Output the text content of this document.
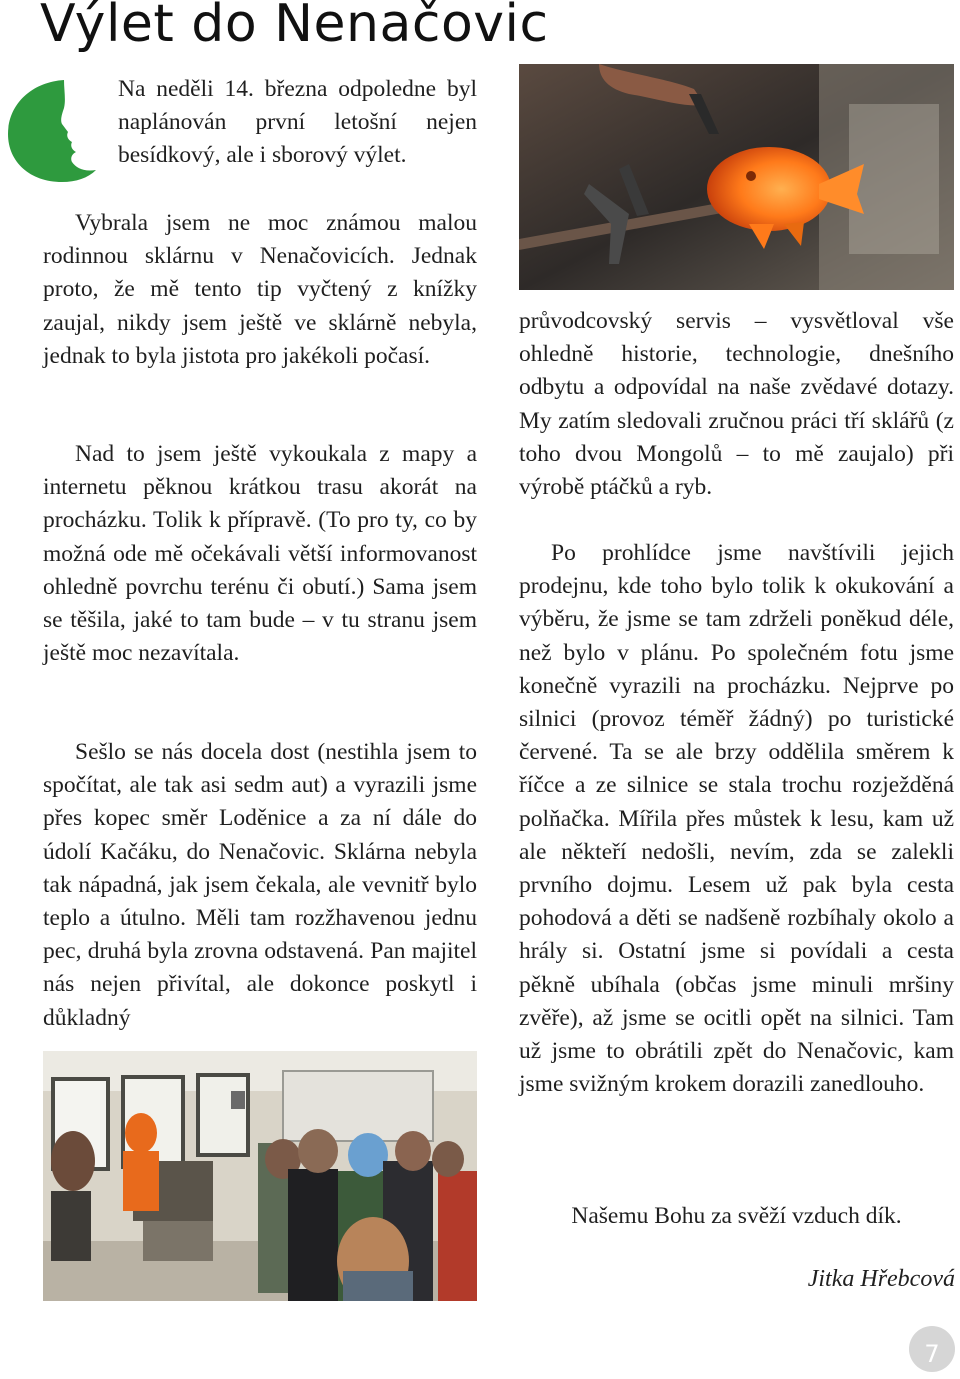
Výlet do Nenačovic

Na neděli 14. března odpoledne byl naplánován první letošní nejen besídkový, ale i sborový výlet.

Vybrala jsem ne moc známou malou rodinnou sklárnu v Nenačovicích. Jednak proto, že mě tento tip vyčtený z knížky zaujal, nikdy jsem ještě ve sklárně nebyla, jednak to byla jistota pro jakékoli počasí.

Nad to jsem ještě vykoukala z mapy a internetu pěknou krátkou trasu akorát na procházku. Tolik k přípravě. (To pro ty, co by možná ode mě očekávali větší informovanost ohledně povrchu terénu či obutí.) Sama jsem se těšila, jaké to tam bude – v tu stranu jsem ještě moc nezavítala.

Sešlo se nás docela dost (nestihla jsem to spočítat, ale tak asi sedm aut) a vyrazili jsme přes kopec směr Loděnice a za ní dále do údolí Kačáku, do Nenačovic. Sklárna nebyla tak nápadná, jak jsem čekala, ale vevnitř bylo teplo a útulno. Měli tam rozžhavenou jednu pec, druhá byla zrovna odstavená. Pan majitel nás nejen přivítal, ale dokonce poskytl i důkladný

průvodcovský servis – vysvětloval vše ohledně historie, technologie, dnešního odbytu a odpovídal na naše zvědavé dotazy. My zatím sledovali zručnou práci tří sklářů (z toho dvou Mongolů – to mě zaujalo) při výrobě ptáčků a ryb.

Po prohlídce jsme navštívili jejich prodejnu, kde toho bylo tolik k okukování a výběru, že jsme se tam zdrželi poněkud déle, než bylo v plánu. Po společném fotu jsme konečně vyrazili na procházku. Nejprve po silnici (provoz téměř žádný) po turistické červené. Ta se ale brzy oddělila směrem k říčce a ze silnice se stala trochu rozježděná polňačka. Mířila přes můstek k lesu, kam už ale někteří nedošli, nevím, zda se zalekli prvního dojmu. Lesem už pak byla cesta pohodová a děti se nadšeně rozbíhaly okolo a hrály si. Ostatní jsme si povídali a cesta pěkně ubíhala (občas jsme minuli mršiny zvěře), až jsme se ocitli opět na silnici. Tam už jsme to obrátili zpět do Nenačovic, kam jsme svižným krokem dorazili zanedlouho.

Našemu Bohu za svěží vzduch dík.

Jitka Hřebcová

7
